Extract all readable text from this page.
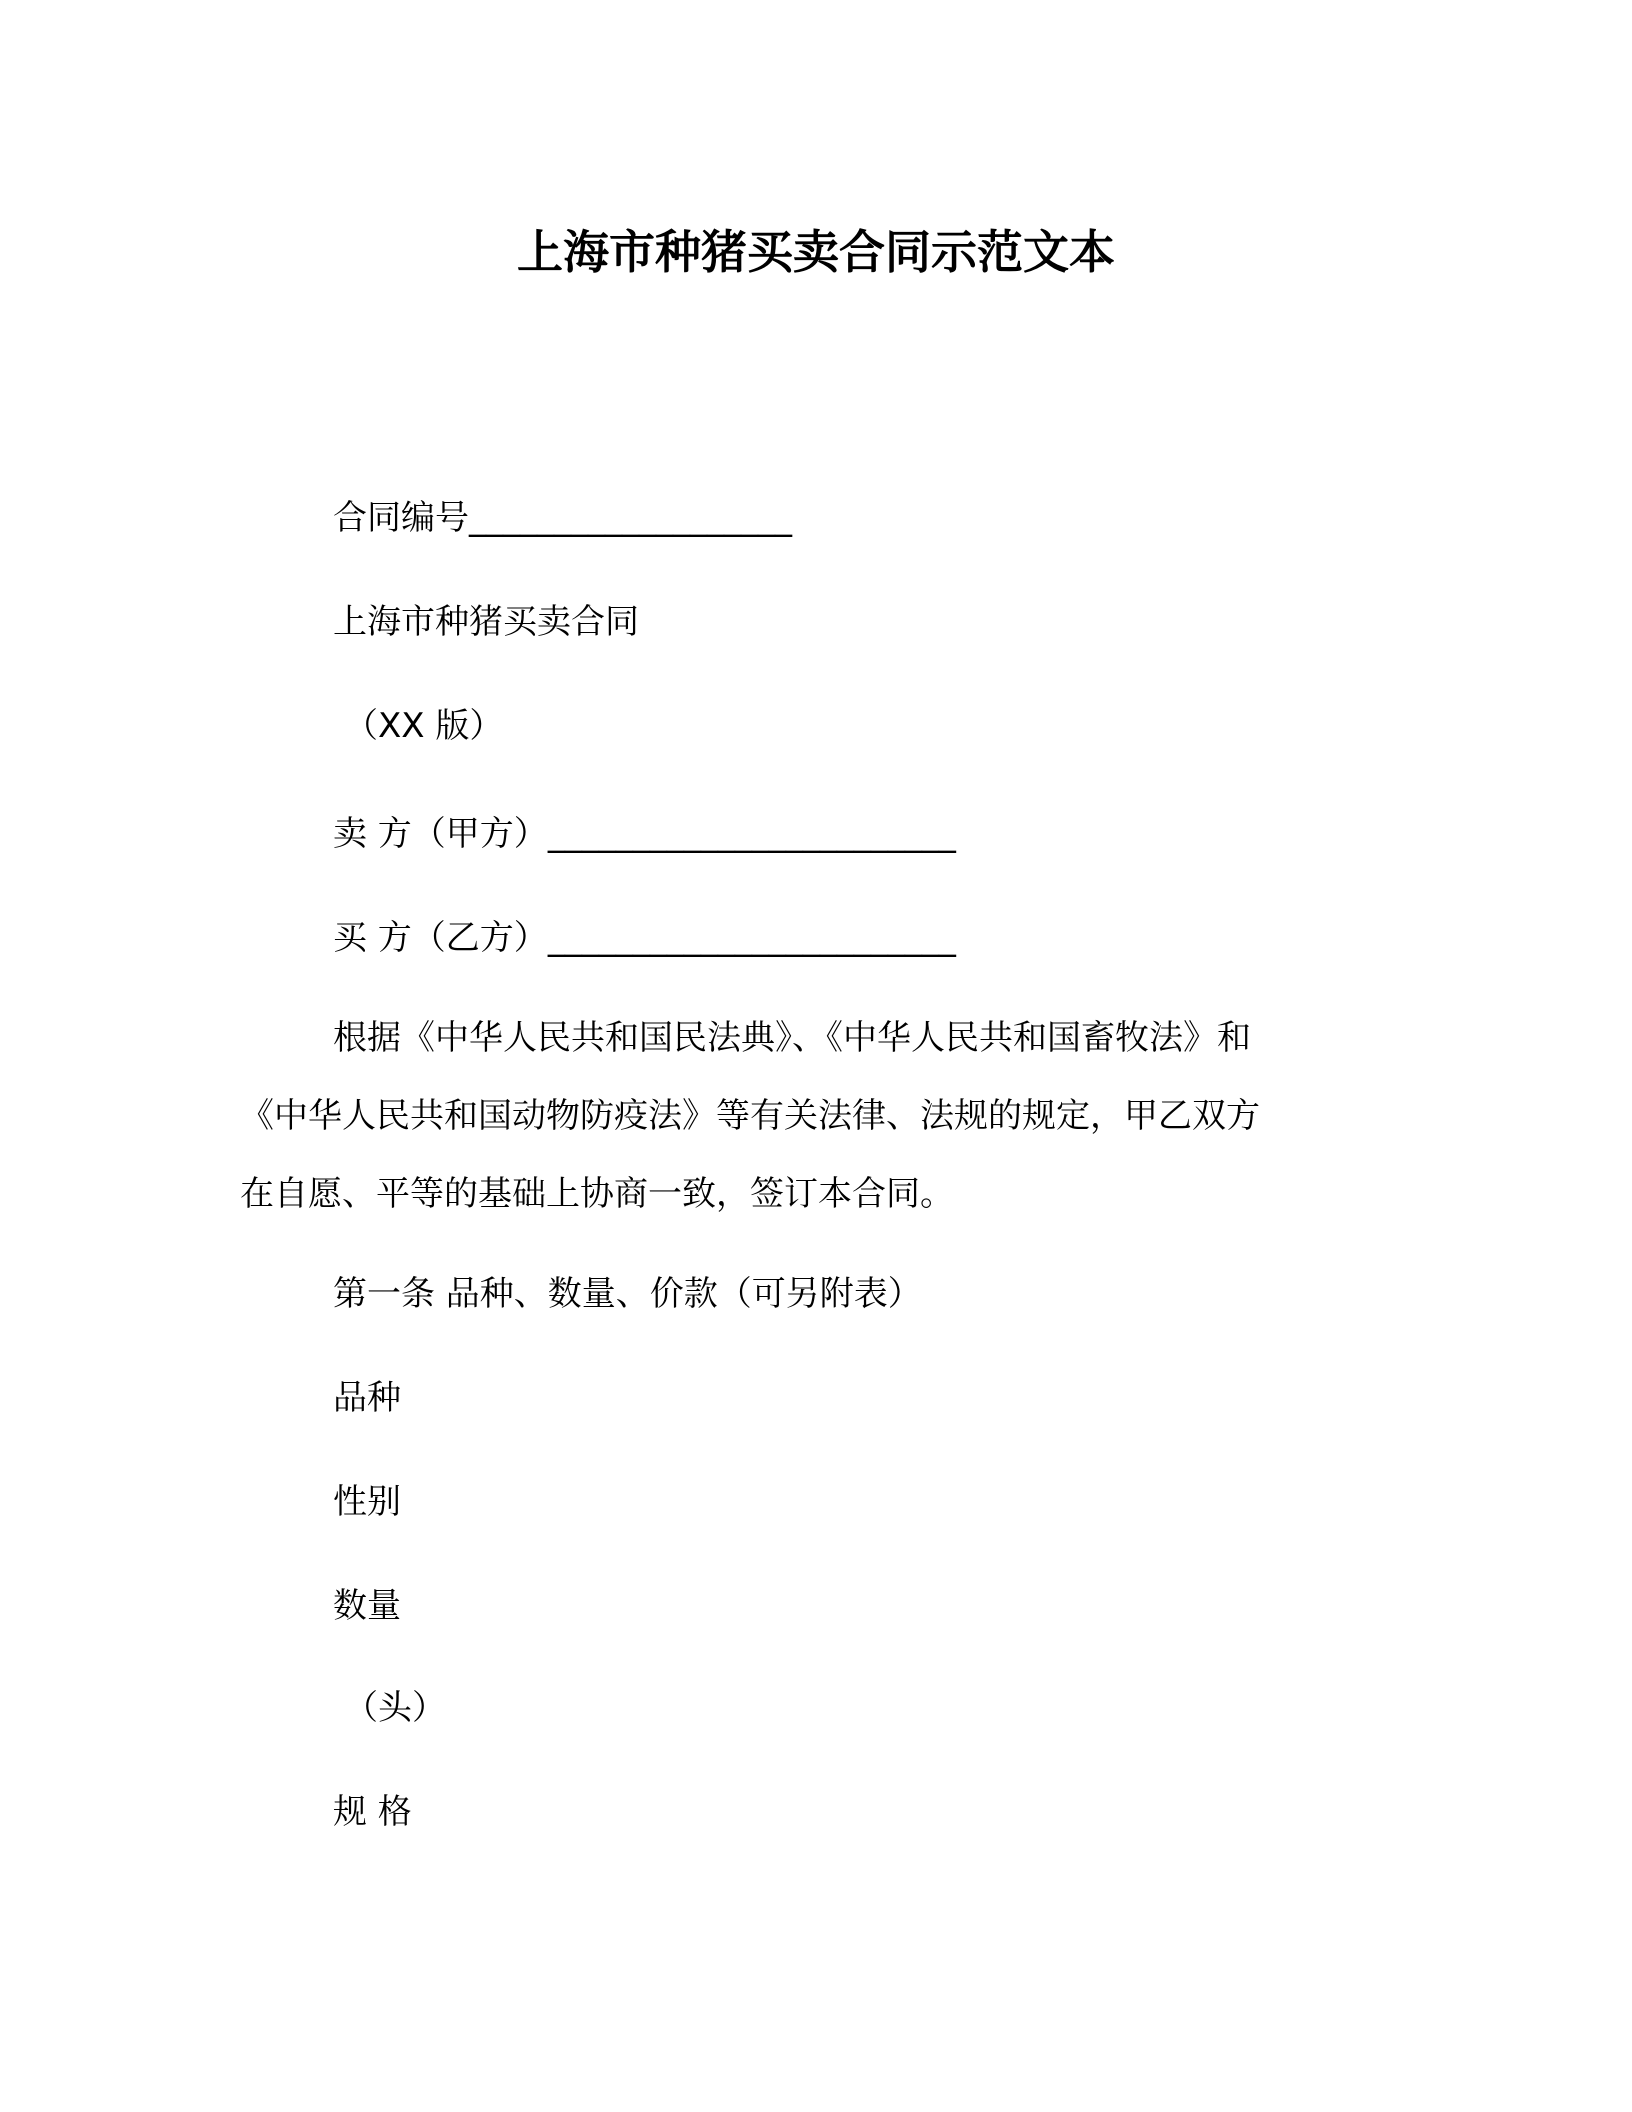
上海市种猪买卖合同示范文本
合同编号___________________
上海市种猪买卖合同
（XX 版）
卖 方（甲方）________________________
买 方（乙方）________________________
根据《中华人民共和国民法典》、《中华人民共和国畜牧法》和
《中华人民共和国动物防疫法》等有关法律、法规的规定，甲乙双方
在自愿、平等的基础上协商一致，签订本合同。
第一条 品种、数量、价款（可另附表）
品种
性别
数量
（头）
规 格
